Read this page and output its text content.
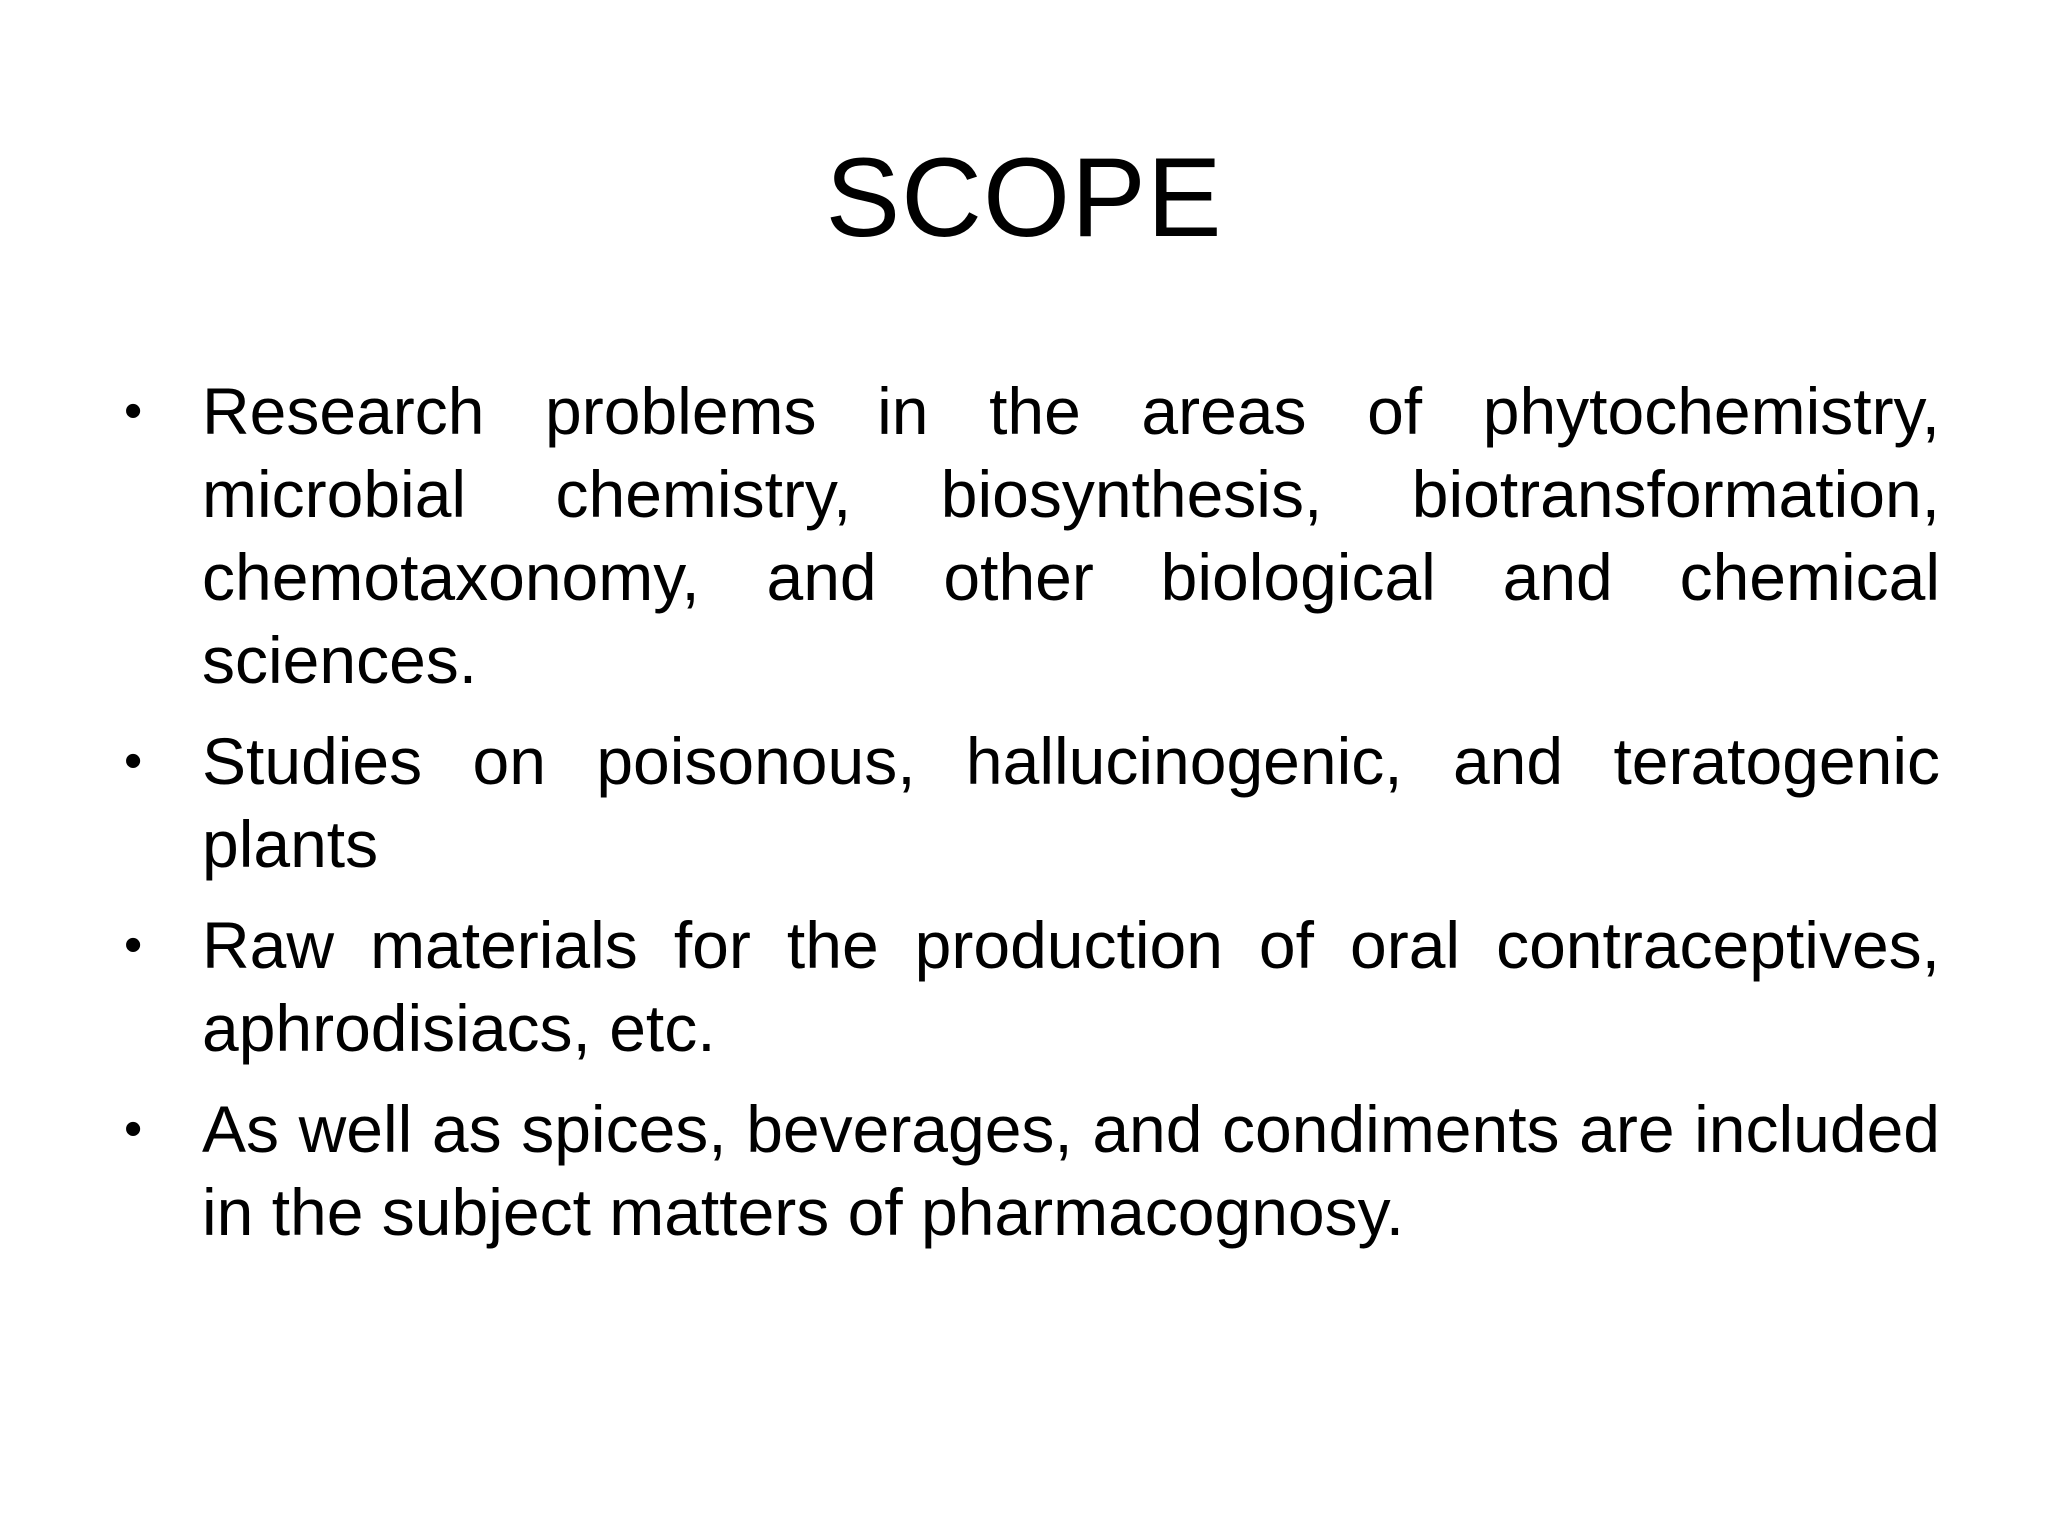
SCOPE
• Research problems in the areas of phytochemistry, microbial chemistry, biosynthesis, biotransformation, chemotaxonomy, and other biological and chemical sciences.
• Studies on poisonous, hallucinogenic, and teratogenic plants
• Raw materials for the production of oral contraceptives, aphrodisiacs, etc.
• As well as spices, beverages, and condiments are included in the subject matters of pharmacognosy.
